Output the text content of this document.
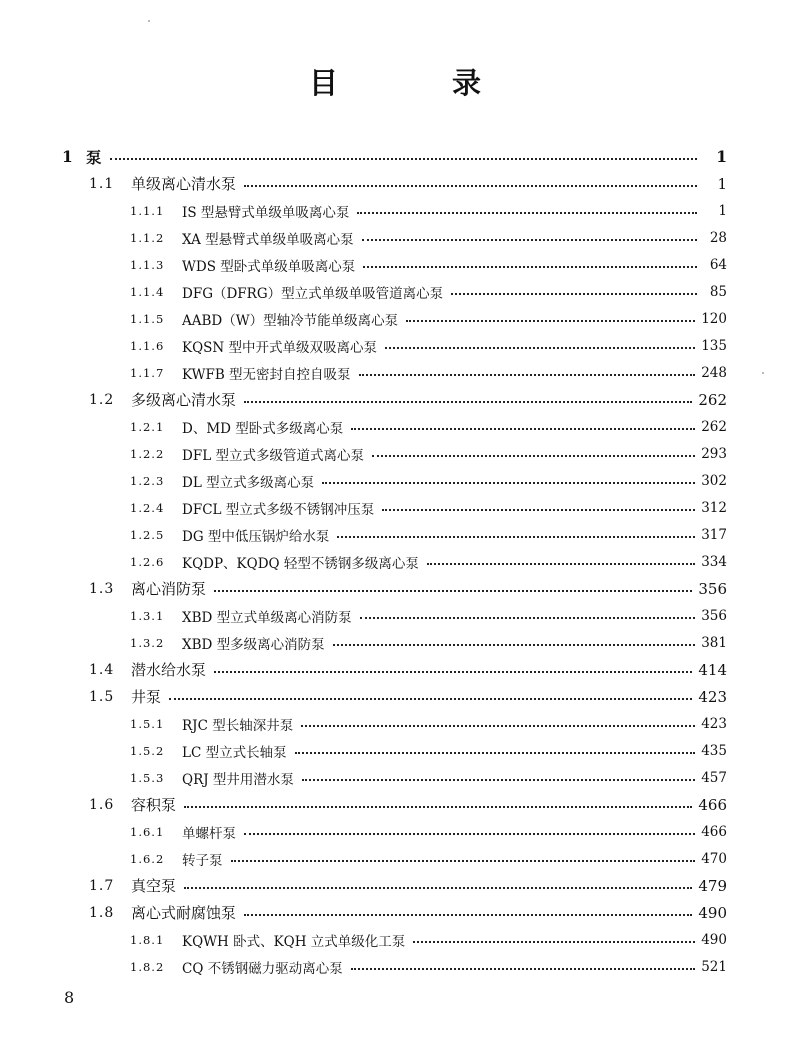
目 录
1 泵	1
1.1	单级离心清水泵	1
1.1.1	IS 型悬臂式单级单吸离心泵	1
1.1.2	XA 型悬臂式单级单吸离心泵	28
1.1.3	WDS 型卧式单级单吸离心泵	64
1.1.4	DFG（DFRG）型立式单级单吸管道离心泵	85
1.1.5	AABD（W）型轴冷节能单级离心泵	120
1.1.6	KQSN 型中开式单级双吸离心泵	135
1.1.7	KWFB 型无密封自控自吸泵	248
1.2	多级离心清水泵	262
1.2.1	D、MD 型卧式多级离心泵	262
1.2.2	DFL 型立式多级管道式离心泵	293
1.2.3	DL 型立式多级离心泵	302
1.2.4	DFCL 型立式多级不锈钢冲压泵	312
1.2.5	DG 型中低压锅炉给水泵	317
1.2.6	KQDP、KQDQ 轻型不锈钢多级离心泵	334
1.3	离心消防泵	356
1.3.1	XBD 型立式单级离心消防泵	356
1.3.2	XBD 型多级离心消防泵	381
1.4	潜水给水泵	414
1.5	井泵	423
1.5.1	RJC 型长轴深井泵	423
1.5.2	LC 型立式长轴泵	435
1.5.3	QRJ 型井用潜水泵	457
1.6	容积泵	466
1.6.1	单螺杆泵	466
1.6.2	转子泵	470
1.7	真空泵	479
1.8	离心式耐腐蚀泵	490
1.8.1	KQWH 卧式、KQH 立式单级化工泵	490
1.8.2	CQ 不锈钢磁力驱动离心泵	521
8
